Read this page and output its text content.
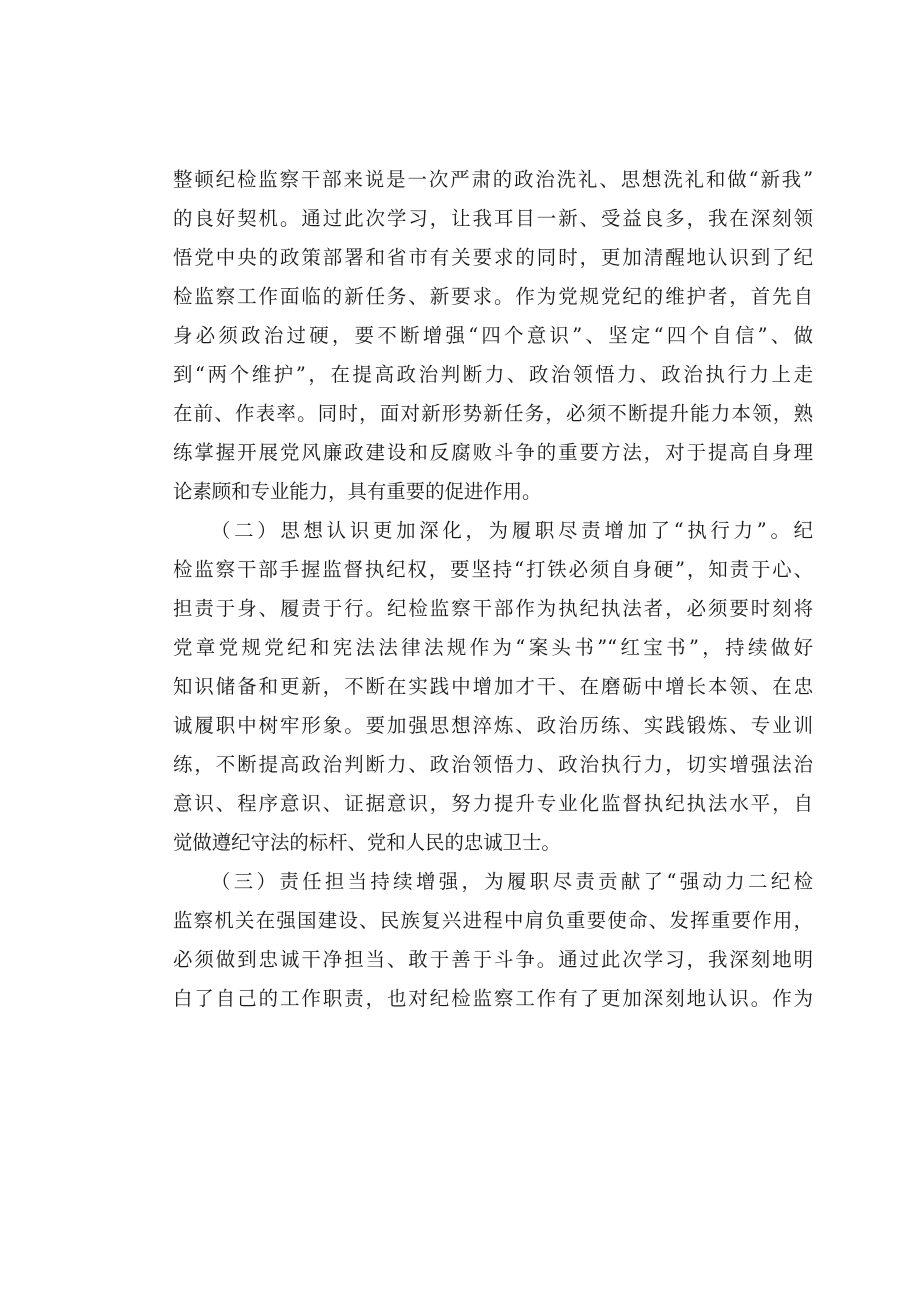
整顿纪检监察干部来说是一次严肃的政治洗礼、思想洗礼和做“新我”
的良好契机。通过此次学习，让我耳目一新、受益良多，我在深刻领
悟党中央的政策部署和省市有关要求的同时，更加清醒地认识到了纪
检监察工作面临的新任务、新要求。作为党规党纪的维护者，首先自
身必须政治过硬，要不断增强“四个意识”、坚定“四个自信”、做
到“两个维护”，在提高政治判断力、政治领悟力、政治执行力上走
在前、作表率。同时，面对新形势新任务，必须不断提升能力本领，熟
练掌握开展党风廉政建设和反腐败斗争的重要方法，对于提高自身理
论素顾和专业能力，具有重要的促进作用。
（二）思想认识更加深化，为履职尽责增加了“执行力”。纪
检监察干部手握监督执纪权，要坚持“打铁必须自身硬”，知责于心、
担责于身、履责于行。纪检监察干部作为执纪执法者，必须要时刻将
党章党规党纪和宪法法律法规作为“案头书”“红宝书”，持续做好
知识储备和更新，不断在实践中增加才干、在磨砺中增长本领、在忠
诚履职中树牢形象。要加强思想淬炼、政治历练、实践锻炼、专业训
练，不断提高政治判断力、政治领悟力、政治执行力，切实增强法治
意识、程序意识、证据意识，努力提升专业化监督执纪执法水平，自
觉做遵纪守法的标杆、党和人民的忠诚卫士。
（三）责任担当持续增强，为履职尽责贡献了“强动力二纪检
监察机关在强国建设、民族复兴进程中肩负重要使命、发挥重要作用，
必须做到忠诚干净担当、敢于善于斗争。通过此次学习，我深刻地明
白了自己的工作职责，也对纪检监察工作有了更加深刻地认识。作为
